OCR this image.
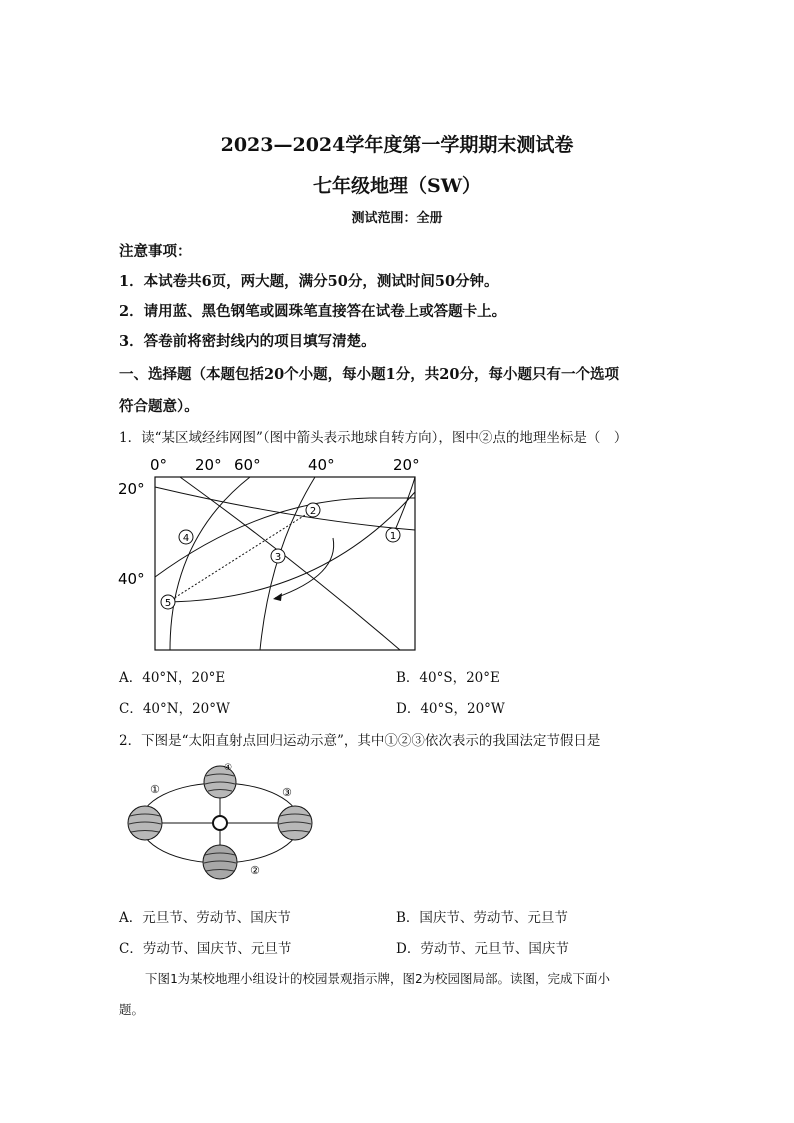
2023—2024学年度第一学期期末测试卷
七年级地理（SW）
测试范围：全册
注意事项：
1．本试卷共6页，两大题，满分50分，测试时间50分钟。
2．请用蓝、黑色钢笔或圆珠笔直接答在试卷上或答题卡上。
3．答卷前将密封线内的项目填写清楚。
一、选择题（本题包括20个小题，每小题1分，共20分，每小题只有一个选项
符合题意）。
1．读“某区域经纬网图”（图中箭头表示地球自转方向），图中②点的地理坐标是（　）
2
1
4
3
5
0° 20° 60°	40°	20°
20°
40°
A．40°N，20°E	B．40°S，20°E
C．40°N，20°W	D．40°S，20°W
2．下图是“太阳直射点回归运动示意”，其中①②③依次表示的我国法定节假日是
①	③
②
④
A．元旦节、劳动节、国庆节	B．国庆节、劳动节、元旦节
C．劳动节、国庆节、元旦节	D．劳动节、元旦节、国庆节
下图1为某校地理小组设计的校园景观指示牌，图2为校园图局部。读图，完成下面小
题。
